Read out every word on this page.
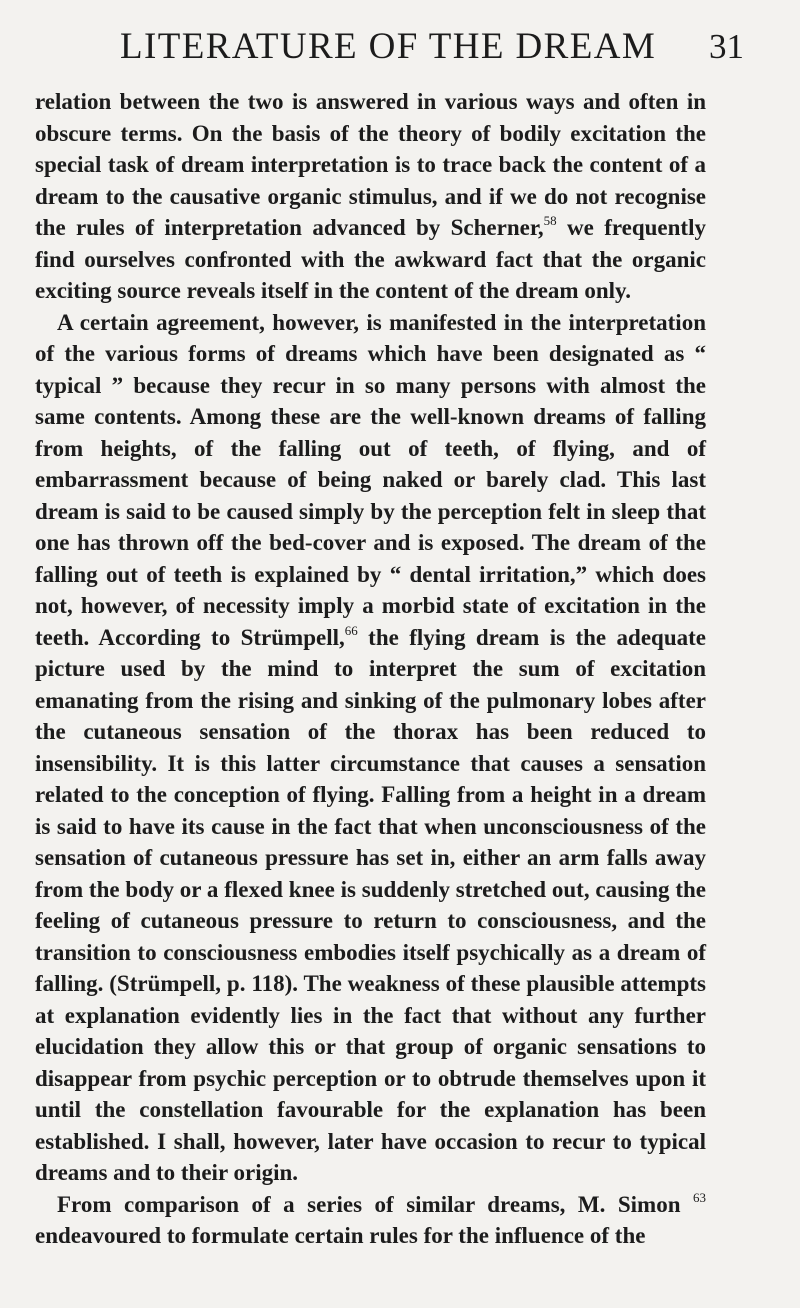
LITERATURE OF THE DREAM 31

relation between the two is answered in various ways and often in obscure terms. On the basis of the theory of bodily excitation the special task of dream interpretation is to trace back the content of a dream to the causative organic stimulus, and if we do not recognise the rules of interpretation advanced by Scherner,$^{58}$ we frequently find ourselves confronted with the awkward fact that the organic exciting source reveals itself in the content of the dream only.

A certain agreement, however, is manifested in the interpretation of the various forms of dreams which have been designated as “ typical ” because they recur in so many persons with almost the same contents. Among these are the well-known dreams of falling from heights, of the falling out of teeth, of flying, and of embarrassment because of being naked or barely clad. This last dream is said to be caused simply by the perception felt in sleep that one has thrown off the bed-cover and is exposed. The dream of the falling out of teeth is explained by “ dental irritation,” which does not, however, of necessity imply a morbid state of excitation in the teeth. According to Strümpell,$^{66}$ the flying dream is the adequate picture used by the mind to interpret the sum of excitation emanating from the rising and sinking of the pulmonary lobes after the cutaneous sensation of the thorax has been reduced to insensibility. It is this latter circumstance that causes a sensation related to the conception of flying. Falling from a height in a dream is said to have its cause in the fact that when unconsciousness of the sensation of cutaneous pressure has set in, either an arm falls away from the body or a flexed knee is suddenly stretched out, causing the feeling of cutaneous pressure to return to consciousness, and the transition to consciousness embodies itself psychically as a dream of falling. (Strümpell, p. 118). The weakness of these plausible attempts at explanation evidently lies in the fact that without any further elucidation they allow this or that group of organic sensations to disappear from psychic perception or to obtrude themselves upon it until the constellation favourable for the explanation has been established. I shall, however, later have occasion to recur to typical dreams and to their origin.

From comparison of a series of similar dreams, M. Simon $^{63}$ endeavoured to formulate certain rules for the influence of the
